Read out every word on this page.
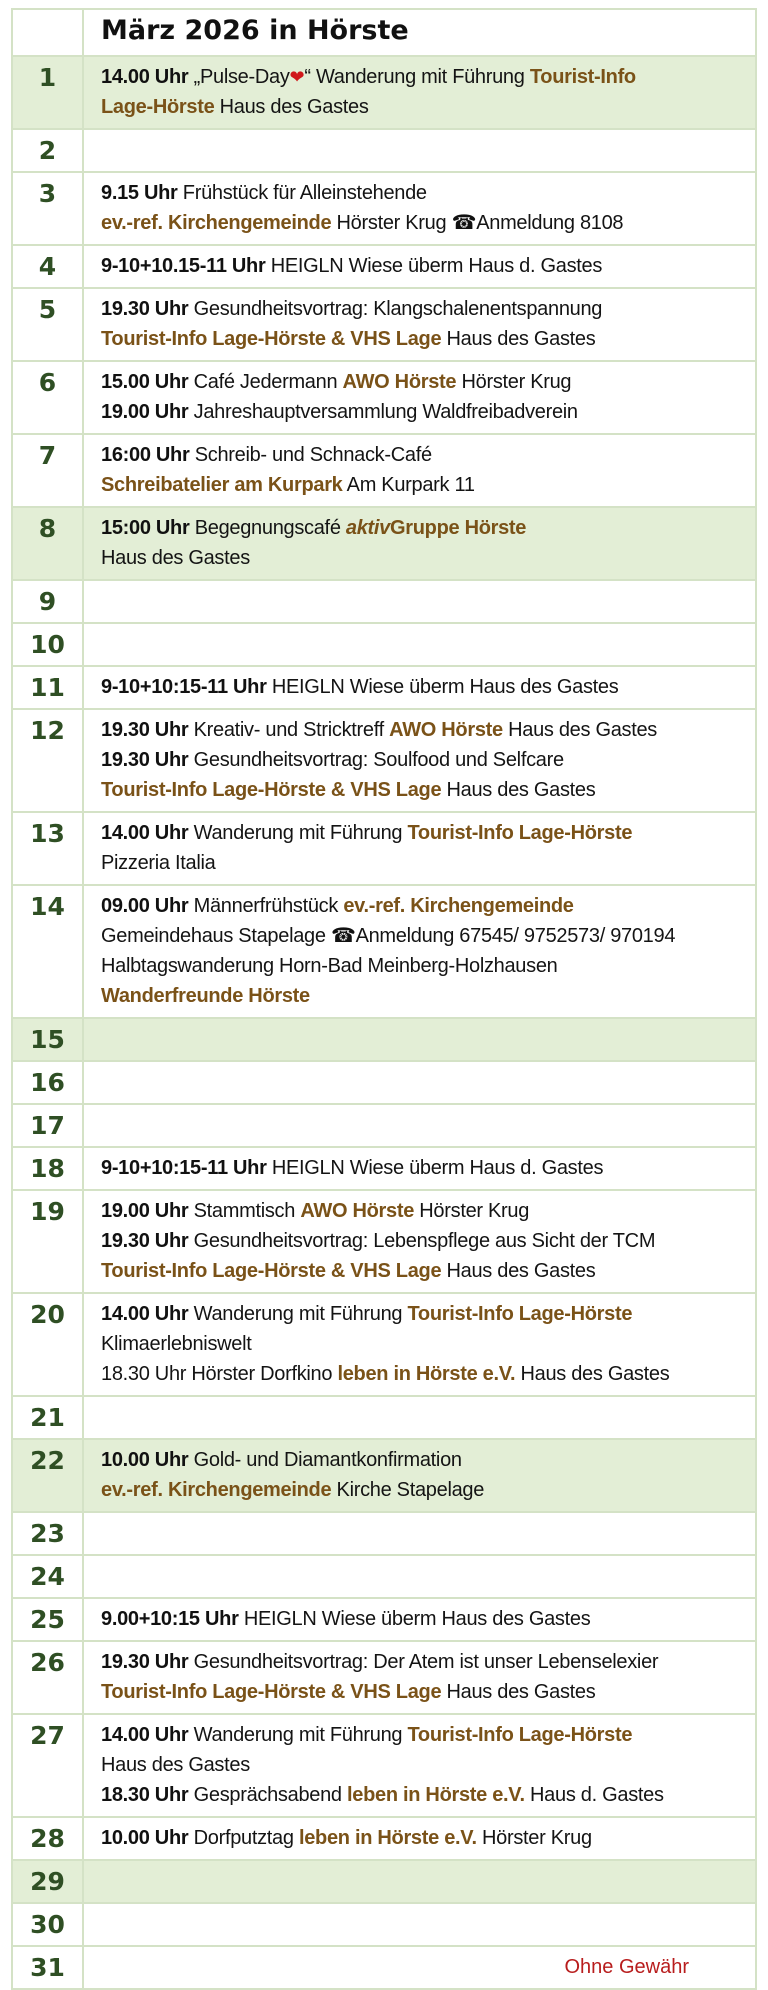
	März 2026 in Hörste
1	14.00 Uhr „Pulse-Day❤“ Wanderung mit Führung Tourist-Info
Lage-Hörste Haus des Gastes

2	

3	9.15 Uhr Frühstück für Alleinstehende
ev.-ref. Kirchengemeinde Hörster Krug ☎Anmeldung 8108

4	9-10+10.15-11 Uhr HEIGLN Wiese überm Haus d. Gastes

5	19.30 Uhr Gesundheitsvortrag: Klangschalenentspannung
Tourist-Info Lage-Hörste & VHS Lage Haus des Gastes

6	15.00 Uhr Café Jedermann AWO Hörste Hörster Krug
19.00 Uhr Jahreshauptversammlung Waldfreibadverein

7	16:00 Uhr Schreib- und Schnack-Café
Schreibatelier am Kurpark Am Kurpark 11

8	15:00 Uhr Begegnungscafé aktivGruppe Hörste
Haus des Gastes

9	

10	

11	9-10+10:15-11 Uhr HEIGLN Wiese überm Haus des Gastes

12	19.30 Uhr Kreativ- und Stricktreff AWO Hörste Haus des Gastes
19.30 Uhr Gesundheitsvortrag: Soulfood und Selfcare
Tourist-Info Lage-Hörste & VHS Lage Haus des Gastes

13	14.00 Uhr Wanderung mit Führung Tourist-Info Lage-Hörste
Pizzeria Italia

14	09.00 Uhr Männerfrühstück ev.-ref. Kirchengemeinde
Gemeindehaus Stapelage ☎Anmeldung 67545/ 9752573/ 970194
Halbtagswanderung Horn-Bad Meinberg-Holzhausen
Wanderfreunde Hörste

15	

16	

17	

18	9-10+10:15-11 Uhr HEIGLN Wiese überm Haus d. Gastes

19	19.00 Uhr Stammtisch AWO Hörste Hörster Krug
19.30 Uhr Gesundheitsvortrag: Lebenspflege aus Sicht der TCM
Tourist-Info Lage-Hörste & VHS Lage Haus des Gastes

20	14.00 Uhr Wanderung mit Führung Tourist-Info Lage-Hörste
Klimaerlebniswelt
18.30 Uhr Hörster Dorfkino leben in Hörste e.V. Haus des Gastes

21	

22	10.00 Uhr Gold- und Diamantkonfirmation
ev.-ref. Kirchengemeinde Kirche Stapelage

23	

24	

25	9.00+10:15 Uhr HEIGLN Wiese überm Haus des Gastes

26	19.30 Uhr Gesundheitsvortrag: Der Atem ist unser Lebenselexier
Tourist-Info Lage-Hörste & VHS Lage Haus des Gastes

27	14.00 Uhr Wanderung mit Führung Tourist-Info Lage-Hörste
Haus des Gastes
18.30 Uhr Gesprächsabend leben in Hörste e.V. Haus d. Gastes

28	10.00 Uhr Dorfputztag leben in Hörste e.V. Hörster Krug

29	

30	

31	Ohne Gewähr
